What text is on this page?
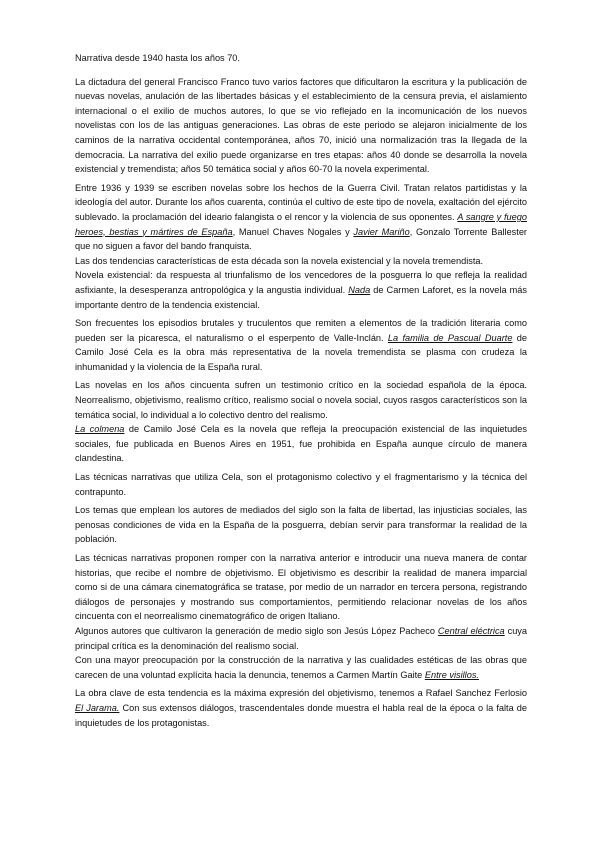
Narrativa desde 1940 hasta los años 70.

La dictadura del general Francisco Franco tuvo varios factores que dificultaron la escritura y la publicación de nuevas novelas, anulación de las libertades básicas y el establecimiento de la censura previa, el aislamiento internacional o el exilio de muchos autores, lo que se vio reflejado en la incomunicación de los nuevos novelistas con los de las antiguas generaciones. Las obras de este periodo se alejaron inicialmente de los caminos de la narrativa occidental contemporánea, años 70, inició una normalización tras la llegada de la democracia. La narrativa del exilio puede organizarse en tres etapas: años 40 donde se desarrolla la novela existencial y tremendista; años 50 temática social y años 60-70 la novela experimental.

Entre 1936 y 1939 se escriben novelas sobre los hechos de la Guerra Civil. Tratan relatos partidistas y la ideología del autor. Durante los años cuarenta, continúa el cultivo de este tipo de novela, exaltación del ejército sublevado. la proclamación del ideario falangista o el rencor y la violencia de sus oponentes. A sangre y fuego heroes, bestias y mártires de España, Manuel Chaves Nogales y Javier Mariño, Gonzalo Torrente Ballester que no siguen a favor del bando franquista.

Las dos tendencias características de esta década son la novela existencial y la novela tremendista.

Novela existencial: da respuesta al triunfalismo de los vencedores de la posguerra lo que refleja la realidad asfixiante, la desesperanza antropológica y la angustia individual. Nada de Carmen Laforet, es la novela más importante dentro de la tendencia existencial.

Son frecuentes los episodios brutales y truculentos que remiten a elementos de la tradición literaria como pueden ser la picaresca, el naturalismo o el esperpento de Valle-Inclán. La familia de Pascual Duarte de Camilo José Cela es la obra más representativa de la novela tremendista se plasma con crudeza la inhumanidad y la violencia de la España rural.

Las novelas en los años cincuenta sufren un testimonio crítico en la sociedad española de la época. Neorrealismo, objetivismo, realismo crítico, realismo social o novela social, cuyos rasgos característicos son la temática social, lo individual a lo colectivo dentro del realismo.

La colmena de Camilo José Cela es la novela que refleja la preocupación existencial de las inquietudes sociales, fue publicada en Buenos Aires en 1951, fue prohibida en España aunque círculo de manera clandestina.

Las técnicas narrativas que utiliza Cela, son el protagonismo colectivo y el fragmentarismo y la técnica del contrapunto.

Los temas que emplean los autores de mediados del siglo son la falta de libertad, las injusticias sociales, las penosas condiciones de vida en la España de la posguerra, debían servir para transformar la realidad de la población.

Las técnicas narrativas proponen romper con la narrativa anterior e introducir una nueva manera de contar historias, que recibe el nombre de objetivismo. El objetivismo es describir la realidad de manera imparcial como si de una cámara cinematográfica se tratase, por medio de un narrador en tercera persona, registrando diálogos de personajes y mostrando sus comportamientos, permitiendo relacionar novelas de los años cincuenta con el neorrealismo cinematográfico de origen Italiano.

Algunos autores que cultivaron la generación de medio siglo son Jesús López Pacheco Central eléctrica cuya principal crítica es la denominación del realismo social.

Con una mayor preocupación por la construcción de la narrativa y las cualidades estéticas de las obras que carecen de una voluntad explícita hacia la denuncia, tenemos a Carmen Martín Gaite Entre visillos.

La obra clave de esta tendencia es la máxima expresión del objetivismo, tenemos a Rafael Sanchez Ferlosio El Jarama. Con sus extensos diálogos, trascendentales donde muestra el habla real de la época o la falta de inquietudes de los protagonistas.
